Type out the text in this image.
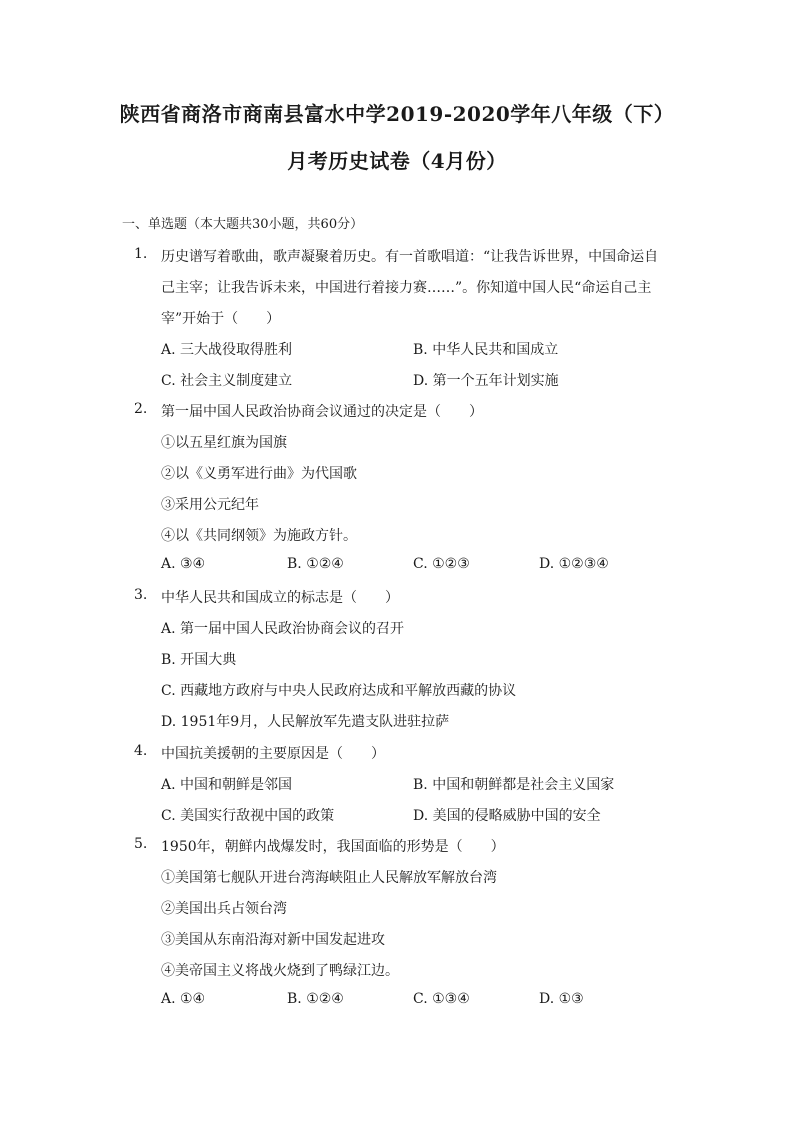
陕西省商洛市商南县富水中学2019-2020学年八年级（下）
月考历史试卷（4月份）
一、单选题（本大题共30小题，共60分）
1. 历史谱写着歌曲，歌声凝聚着历史。有一首歌唱道：“让我告诉世界，中国命运自
己主宰；让我告诉未来，中国进行着接力赛……”。你知道中国人民“命运自己主
宰”开始于（　　）
A. 三大战役取得胜利	B. 中华人民共和国成立
C. 社会主义制度建立	D. 第一个五年计划实施
2. 第一届中国人民政治协商会议通过的决定是（　　）
①以五星红旗为国旗
②以《义勇军进行曲》为代国歌
③采用公元纪年
④以《共同纲领》为施政方针。
A. ③④	B. ①②④	C. ①②③	D. ①②③④
3. 中华人民共和国成立的标志是（　　）
A. 第一届中国人民政治协商会议的召开
B. 开国大典
C. 西藏地方政府与中央人民政府达成和平解放西藏的协议
D. 1951年9月，人民解放军先遣支队进驻拉萨
4. 中国抗美援朝的主要原因是（　　）
A. 中国和朝鲜是邻国	B. 中国和朝鲜都是社会主义国家
C. 美国实行敌视中国的政策	D. 美国的侵略威胁中国的安全
5. 1950年，朝鲜内战爆发时，我国面临的形势是（　　）
①美国第七舰队开进台湾海峡阻止人民解放军解放台湾
②美国出兵占领台湾
③美国从东南沿海对新中国发起进攻
④美帝国主义将战火烧到了鸭绿江边。
A. ①④	B. ①②④	C. ①③④	D. ①③
